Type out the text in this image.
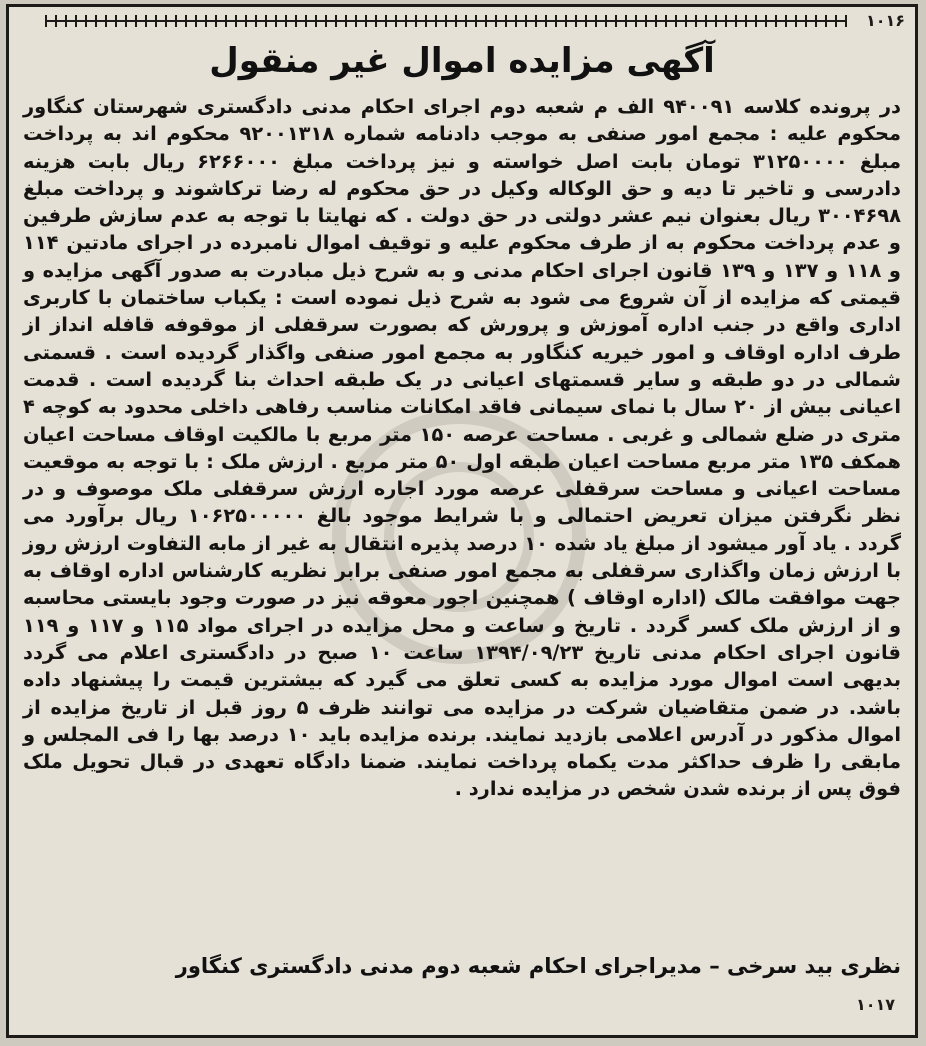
۱۰۱۶
آگهی مزایده اموال غیر منقول
در پرونده کلاسه ۹۴۰۰۹۱ الف م شعبه دوم اجرای احکام مدنی دادگستری شهرستان کنگاور محکوم علیه : مجمع امور صنفی به موجب دادنامه شماره ۹۲۰۰۱۳۱۸ محکوم اند به پرداخت مبلغ ۳۱۲۵۰۰۰۰ تومان بابت اصل خواسته و نیز پرداخت مبلغ ۶۲۶۶۰۰۰ ریال بابت هزینه دادرسی و تاخیر تا دیه و حق الوکاله وکیل در حق محکوم له رضا ترکاشوند و پرداخت مبلغ ۳۰۰۴۶۹۸ ریال بعنوان نیم عشر دولتی در حق دولت . که نهایتا با توجه به عدم سازش طرفین و عدم پرداخت محکوم به از طرف محکوم علیه و توقیف اموال نامبرده در اجرای مادتین ۱۱۴ و ۱۱۸ و ۱۳۷ و ۱۳۹ قانون اجرای احکام مدنی و به شرح ذیل مبادرت به صدور آگهی مزایده و قیمتی که مزایده از آن شروع می شود به شرح ذیل نموده است : یکباب ساختمان با کاربری اداری واقع در جنب اداره آموزش و پرورش که بصورت سرقفلی از موقوفه قافله انداز از طرف اداره اوقاف و امور خیریه کنگاور به مجمع امور صنفی واگذار گردیده است . قسمتی شمالی در دو طبقه و سایر قسمتهای اعیانی در یک طبقه احداث بنا گردیده است . قدمت اعیانی بیش از ۲۰ سال با نمای سیمانی فاقد امکانات مناسب رفاهی داخلی محدود به کوچه ۴ متری در ضلع شمالی و غربی . مساحت عرصه ۱۵۰ متر مربع با مالکیت اوقاف مساحت اعیان همکف ۱۳۵ متر مربع مساحت اعیان طبقه اول ۵۰ متر مربع . ارزش ملک : با توجه به موقعیت مساحت اعیانی و مساحت سرقفلی عرصه مورد اجاره ارزش سرقفلی ملک موصوف و در نظر نگرفتن میزان تعریض احتمالی و با شرایط موجود بالغ ۱۰۶۲۵۰۰۰۰۰ ریال برآورد می گردد . یاد آور میشود از مبلغ یاد شده ۱۰ درصد پذیره انتقال به غیر از مابه التفاوت ارزش روز با ارزش زمان واگذاری سرقفلی به مجمع امور صنفی برابر نظریه کارشناس اداره اوقاف به جهت موافقت مالک (اداره اوقاف ) همچنین اجور معوقه نیز در صورت وجود بایستی محاسبه و از ارزش ملک کسر گردد . تاریخ و ساعت و محل مزایده در اجرای مواد ۱۱۵ و ۱۱۷ و ۱۱۹ قانون اجرای احکام مدنی تاریخ ۱۳۹۴/۰۹/۲۳ ساعت ۱۰ صبح در دادگستری اعلام می گردد بدیهی است اموال مورد مزایده به کسی تعلق می گیرد که بیشترین قیمت را پیشنهاد داده باشد. در ضمن متقاضیان شرکت در مزایده می توانند ظرف ۵ روز قبل از تاریخ مزایده از اموال مذکور در آدرس اعلامی بازدید نمایند. برنده مزایده باید ۱۰ درصد بها را فی المجلس و مابقی را ظرف حداکثر مدت یکماه پرداخت نمایند. ضمنا دادگاه تعهدی در قبال تحویل ملک فوق پس از برنده شدن شخص در مزایده ندارد .
نظری بید سرخی – مدیراجرای احکام شعبه دوم مدنی دادگستری کنگاور
۱۰۱۷
